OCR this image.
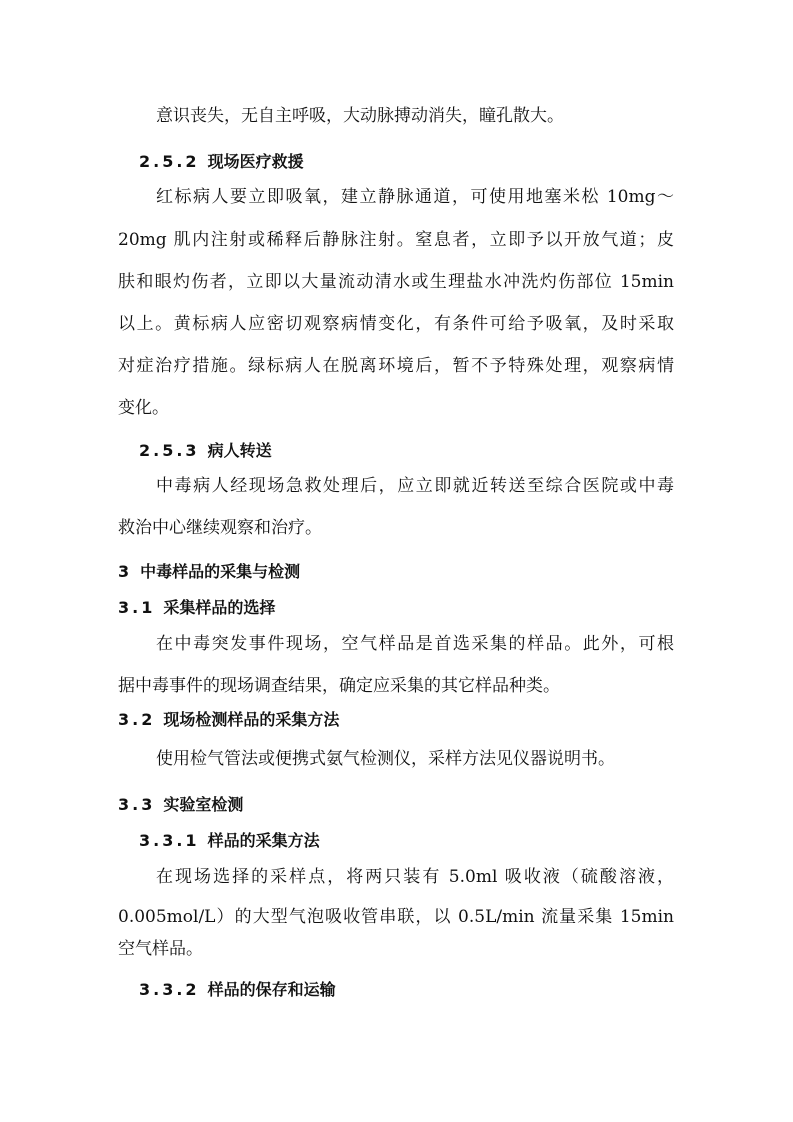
意识丧失，无自主呼吸，大动脉搏动消失，瞳孔散大。
2.5.2 现场医疗救援
红标病人要立即吸氧，建立静脉通道，可使用地塞米松 10mg～
20mg 肌内注射或稀释后静脉注射。窒息者，立即予以开放气道；皮
肤和眼灼伤者，立即以大量流动清水或生理盐水冲洗灼伤部位 15min
以上。黄标病人应密切观察病情变化，有条件可给予吸氧，及时采取
对症治疗措施。绿标病人在脱离环境后，暂不予特殊处理，观察病情
变化。
2.5.3 病人转送
中毒病人经现场急救处理后，应立即就近转送至综合医院或中毒
救治中心继续观察和治疗。
3 中毒样品的采集与检测
3.1 采集样品的选择
在中毒突发事件现场，空气样品是首选采集的样品。此外，可根
据中毒事件的现场调查结果，确定应采集的其它样品种类。
3.2 现场检测样品的采集方法
使用检气管法或便携式氨气检测仪，采样方法见仪器说明书。
3.3 实验室检测
3.3.1 样品的采集方法
在现场选择的采样点，将两只装有 5.0ml 吸收液（硫酸溶液，
0.005mol/L）的大型气泡吸收管串联，以 0.5L/min 流量采集 15min
空气样品。
3.3.2 样品的保存和运输
